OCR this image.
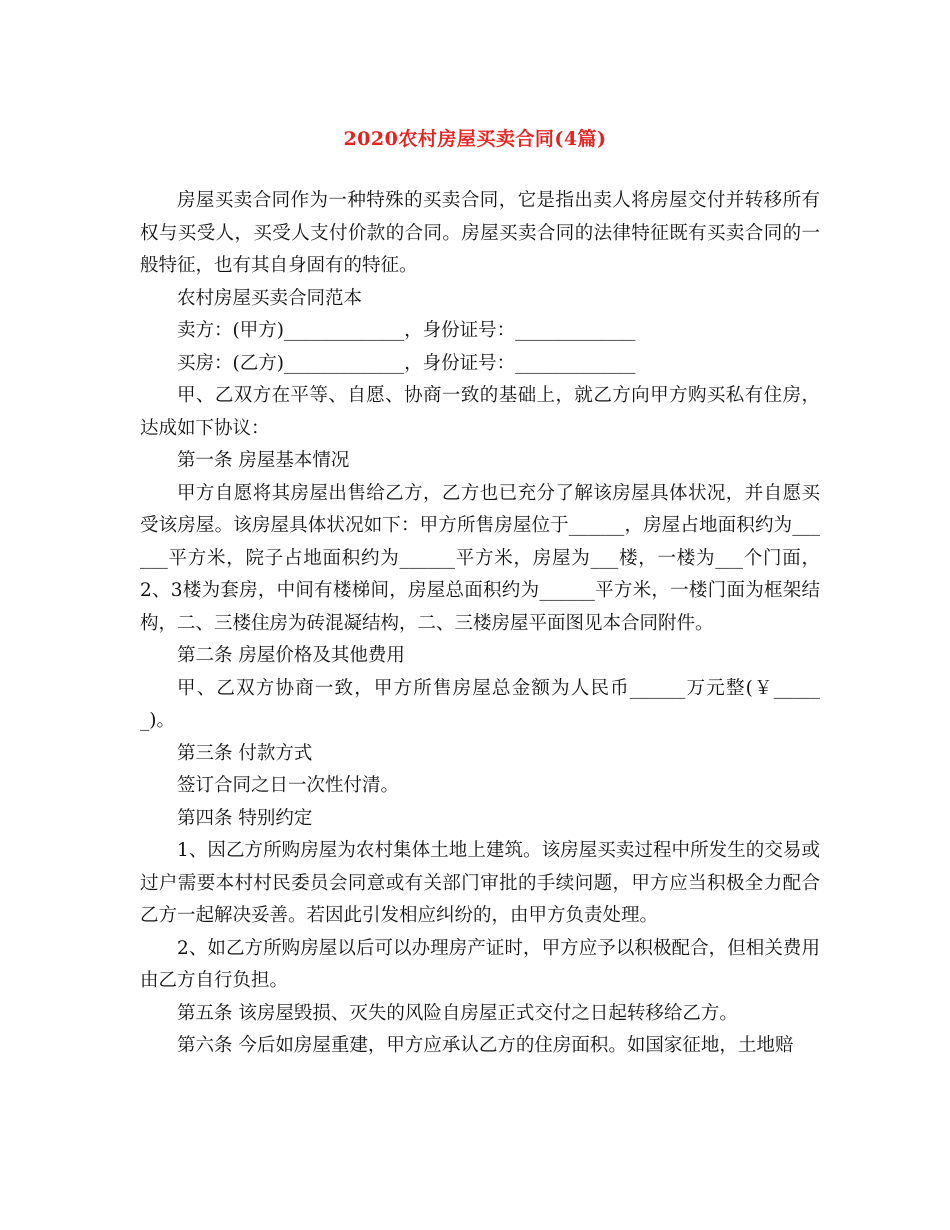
2020农村房屋买卖合同(4篇)

房屋买卖合同作为一种特殊的买卖合同，它是指出卖人将房屋交付并转移所有权与买受人，买受人支付价款的合同。房屋买卖合同的法律特征既有买卖合同的一般特征，也有其自身固有的特征。

农村房屋买卖合同范本

卖方：(甲方)_____________，身份证号：_____________

买房：(乙方)_____________，身份证号：_____________

甲、乙双方在平等、自愿、协商一致的基础上，就乙方向甲方购买私有住房，达成如下协议：

第一条 房屋基本情况

甲方自愿将其房屋出售给乙方，乙方也已充分了解该房屋具体状况，并自愿买受该房屋。该房屋具体状况如下：甲方所售房屋位于______，房屋占地面积约为______平方米，院子占地面积约为______平方米，房屋为___楼，一楼为___个门面，2、3楼为套房，中间有楼梯间，房屋总面积约为______平方米，一楼门面为框架结构，二、三楼住房为砖混凝结构，二、三楼房屋平面图见本合同附件。

第二条 房屋价格及其他费用

甲、乙双方协商一致，甲方所售房屋总金额为人民币______万元整(￥______)。

第三条 付款方式

签订合同之日一次性付清。

第四条 特别约定

1、因乙方所购房屋为农村集体土地上建筑。该房屋买卖过程中所发生的交易或过户需要本村村民委员会同意或有关部门审批的手续问题，甲方应当积极全力配合乙方一起解决妥善。若因此引发相应纠纷的，由甲方负责处理。

2、如乙方所购房屋以后可以办理房产证时，甲方应予以积极配合，但相关费用由乙方自行负担。

第五条 该房屋毁损、灭失的风险自房屋正式交付之日起转移给乙方。

第六条 今后如房屋重建，甲方应承认乙方的住房面积。如国家征地，土地赔
